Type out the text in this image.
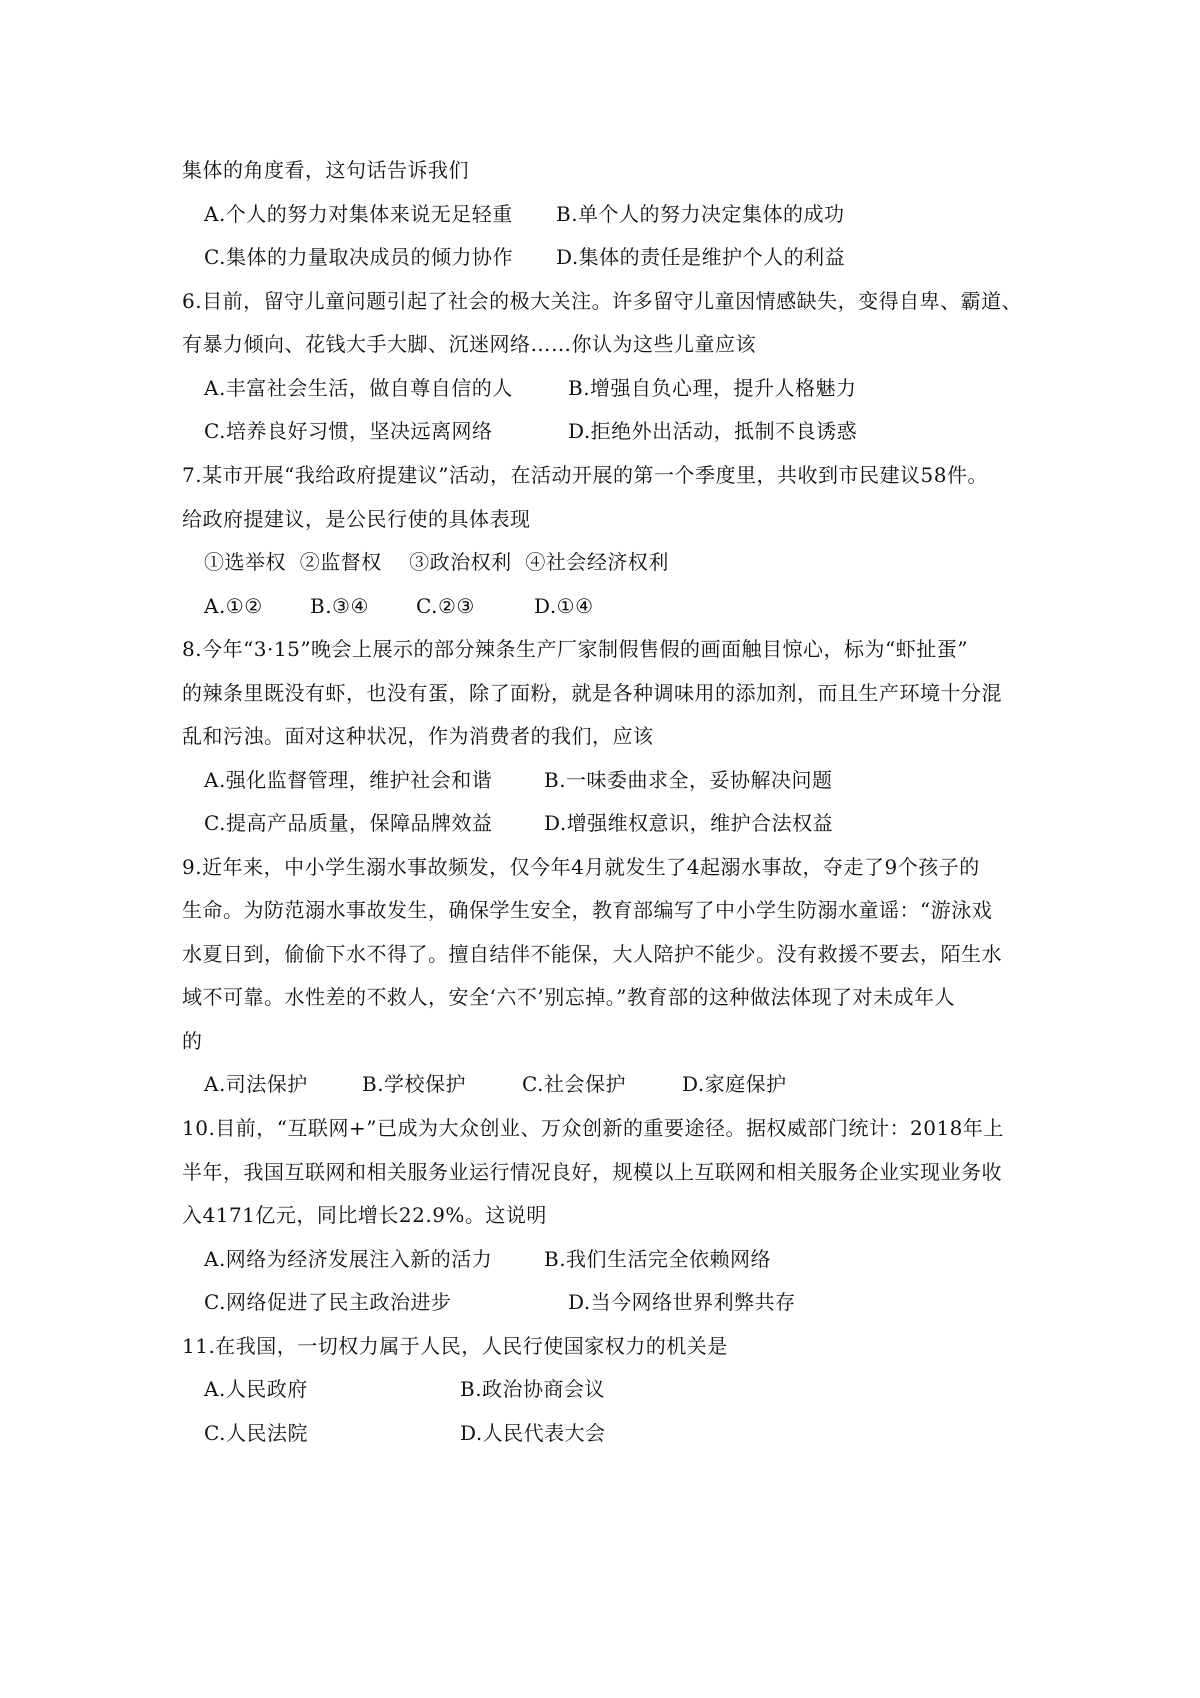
集体的角度看，这句话告诉我们

A.个人的努力对集体来说无足轻重

B.单个人的努力决定集体的成功

C.集体的力量取决成员的倾力协作

D.集体的责任是维护个人的利益

6.目前，留守儿童问题引起了社会的极大关注。许多留守儿童因情感缺失，变得自卑、霸道、
有暴力倾向、花钱大手大脚、沉迷网络……你认为这些儿童应该

A.丰富社会生活，做自尊自信的人

	B.增强自负心理，提升人格魅力

C.培养良好习惯，坚决远离网络

	D.拒绝外出活动，抵制不良诱惑

7.某市开展“我给政府提建议”活动，在活动开展的第一个季度里，共收到市民建议58件。
给政府提建议，是公民行使的具体表现
①选举权  ②监督权    ③政治权利  ④社会经济权利

A.①②

B.③④

C.②③

	D.①④

8.今年“3·15”晚会上展示的部分辣条生产厂家制假售假的画面触目惊心，标为“虾扯蛋”
的辣条里既没有虾，也没有蛋，除了面粉，就是各种调味用的添加剂，而且生产环境十分混
乱和污浊。面对这种状况，作为消费者的我们，应该

A.强化监督管理，维护社会和谐

	B.一味委曲求全，妥协解决问题

C.提高产品质量，保障品牌效益

	D.增强维权意识，维护合法权益

9.近年来，中小学生溺水事故频发，仅今年4月就发生了4起溺水事故，夺走了9个孩子的
生命。为防范溺水事故发生，确保学生安全，教育部编写了中小学生防溺水童谣：“游泳戏
水夏日到，偷偷下水不得了。擅自结伴不能保，大人陪护不能少。没有救援不要去，陌生水
域不可靠。水性差的不救人，安全‘六不’别忘掉。”教育部的这种做法体现了对未成年人
的

A.司法保护

	B.学校保护

	C.社会保护

	D.家庭保护

10.目前，“互联网+”已成为大众创业、万众创新的重要途径。据权威部门统计：2018年上
半年，我国互联网和相关服务业运行情况良好，规模以上互联网和相关服务企业实现业务收
入4171亿元，同比增长22.9%。这说明

A.网络为经济发展注入新的活力

	B.我们生活完全依赖网络

C.网络促进了民主政治进步

	D.当今网络世界利弊共存

11.在我国，一切权力属于人民，人民行使国家权力的机关是

A.人民政府

	B.政治协商会议

C.人民法院

	D.人民代表大会
